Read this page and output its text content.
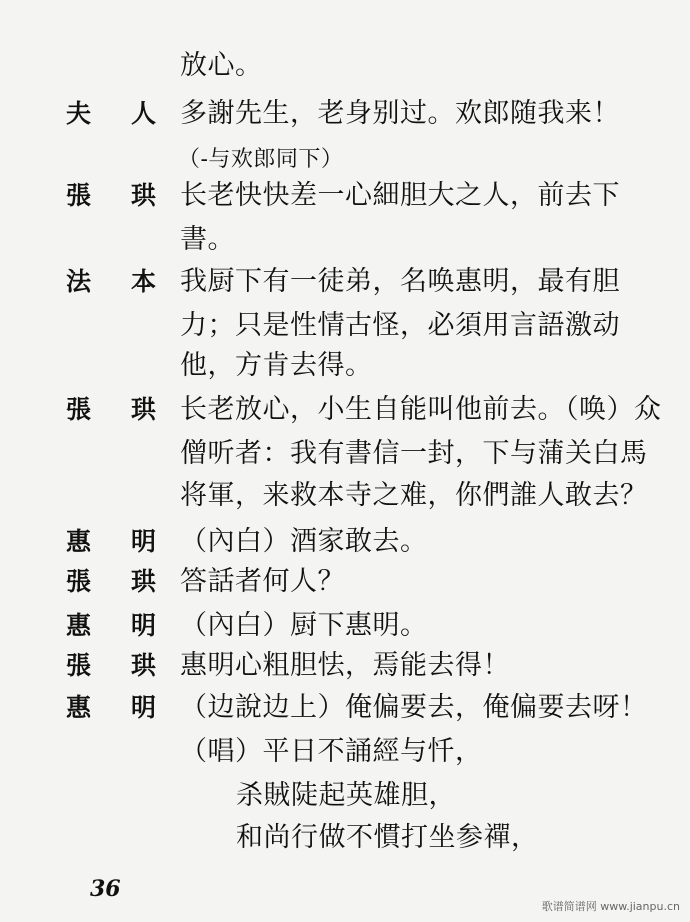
放心。
夫 人 多謝先生，老身别过。欢郎随我来！
（-与欢郎同下）
張 珙 长老快快差一心細胆大之人，前去下
書。
法 本 我厨下有一徒弟，名唤惠明，最有胆
力；只是性情古怪，必須用言語激动
他，方肯去得。
張 珙 长老放心，小生自能叫他前去。（唤）众
僧听者：我有書信一封，下与蒲关白馬
将軍，来救本寺之难，你們誰人敢去？
惠 明 （內白）酒家敢去。
張 珙 答話者何人？
惠 明 （內白）厨下惠明。
張 珙 惠明心粗胆怯，焉能去得！
惠 明 （边說边上）俺偏要去，俺偏要去呀！
（唱）平日不誦經与忏，
杀賊陡起英雄胆，
和尚行做不慣打坐参禪，
36
歌谱简谱网 www.jianpu.cn
